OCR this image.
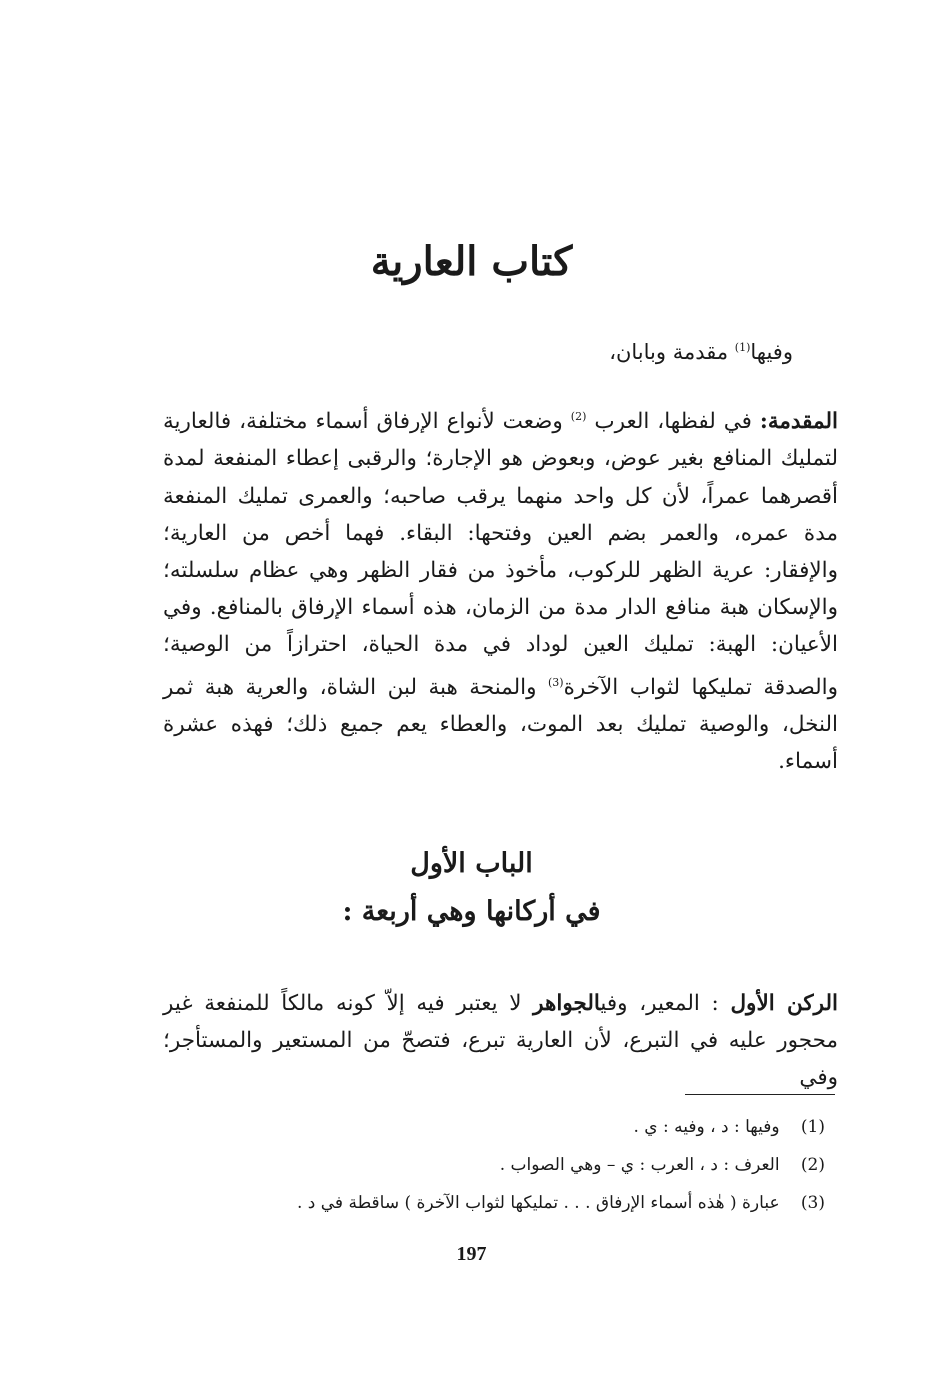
كتاب العارية
وفيها$^{(1)}$ مقدمة وبابان،
المقدمة: في لفظها، العرب $^{(2)}$ وضعت لأنواع الإرفاق أسماء مختلفة، فالعارية لتمليك المنافع بغير عوض، وبعوض هو الإجارة؛ والرقبى إعطاء المنفعة لمدة أقصرهما عمراً، لأن كل واحد منهما يرقب صاحبه؛ والعمرى تمليك المنفعة مدة عمره، والعمر بضم العين وفتحها: البقاء. فهما أخص من العارية؛ والإفقار: عرية الظهر للركوب، مأخوذ من فقار الظهر وهي عظام سلسلته؛ والإسكان هبة منافع الدار مدة من الزمان، هذه أسماء الإرفاق بالمنافع. وفي الأعيان: الهبة: تمليك العين لوداد في مدة الحياة، احترازاً من الوصية؛ والصدقة تمليكها لثواب الآخرة$^{(3)}$ والمنحة هبة لبن الشاة، والعرية هبة ثمر النخل، والوصية تمليك بعد الموت، والعطاء يعم جميع ذلك؛ فهذه عشرة أسماء.
الباب الأول
في أركانها وهي أربعة :
الركن الأول : المعير، وفيالجواهر لا يعتبر فيه إلاّ كونه مالكاً للمنفعة غير محجور عليه في التبرع، لأن العارية تبرع، فتصحّ من المستعير والمستأجر؛ وفي
(1) وفيها : د ، وفيه : ي .
(2) العرف : د ، العرب : ي – وهي الصواب .
(3) عبارة ( هٰذه أسماء الإرفاق . . . تمليكها لثواب الآخرة ) ساقطة في د .
197
